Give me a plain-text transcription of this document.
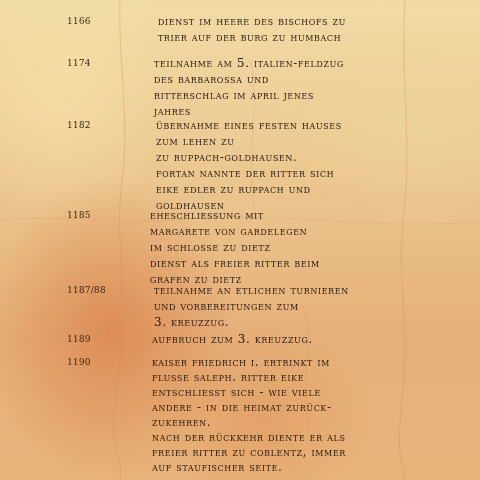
1166	dienst im heere des bischofs zu
trier auf der burg zu humbach
1174	teilnahme am 5. italien-feldzug
des barbarossa und
ritterschlag im april jenes
jahres
1182	übernahme eines festen hauses
zum lehen zu
zu ruppach-goldhausen.
fortan nannte der ritter sich
eike edler zu ruppach und
goldhausen
1185	eheschliessung mit
margarete von gardelegen
im schlosse zu dietz
dienst als freier ritter beim
grafen zu dietz
1187/88	teilnahme an etlichen turnieren
und vorbereitungen zum
3. kreuzzug.
1189	aufbruch zum 3. kreuzzug.
1190	kaiser friedrich i. ertrinkt im
flusse saleph. ritter eike
entschliesst sich - wie viele
andere - in die heimat zurück-
zukehren.
nach der rückkehr diente er als
freier ritter zu coblentz, immer
auf staufischer seite.
